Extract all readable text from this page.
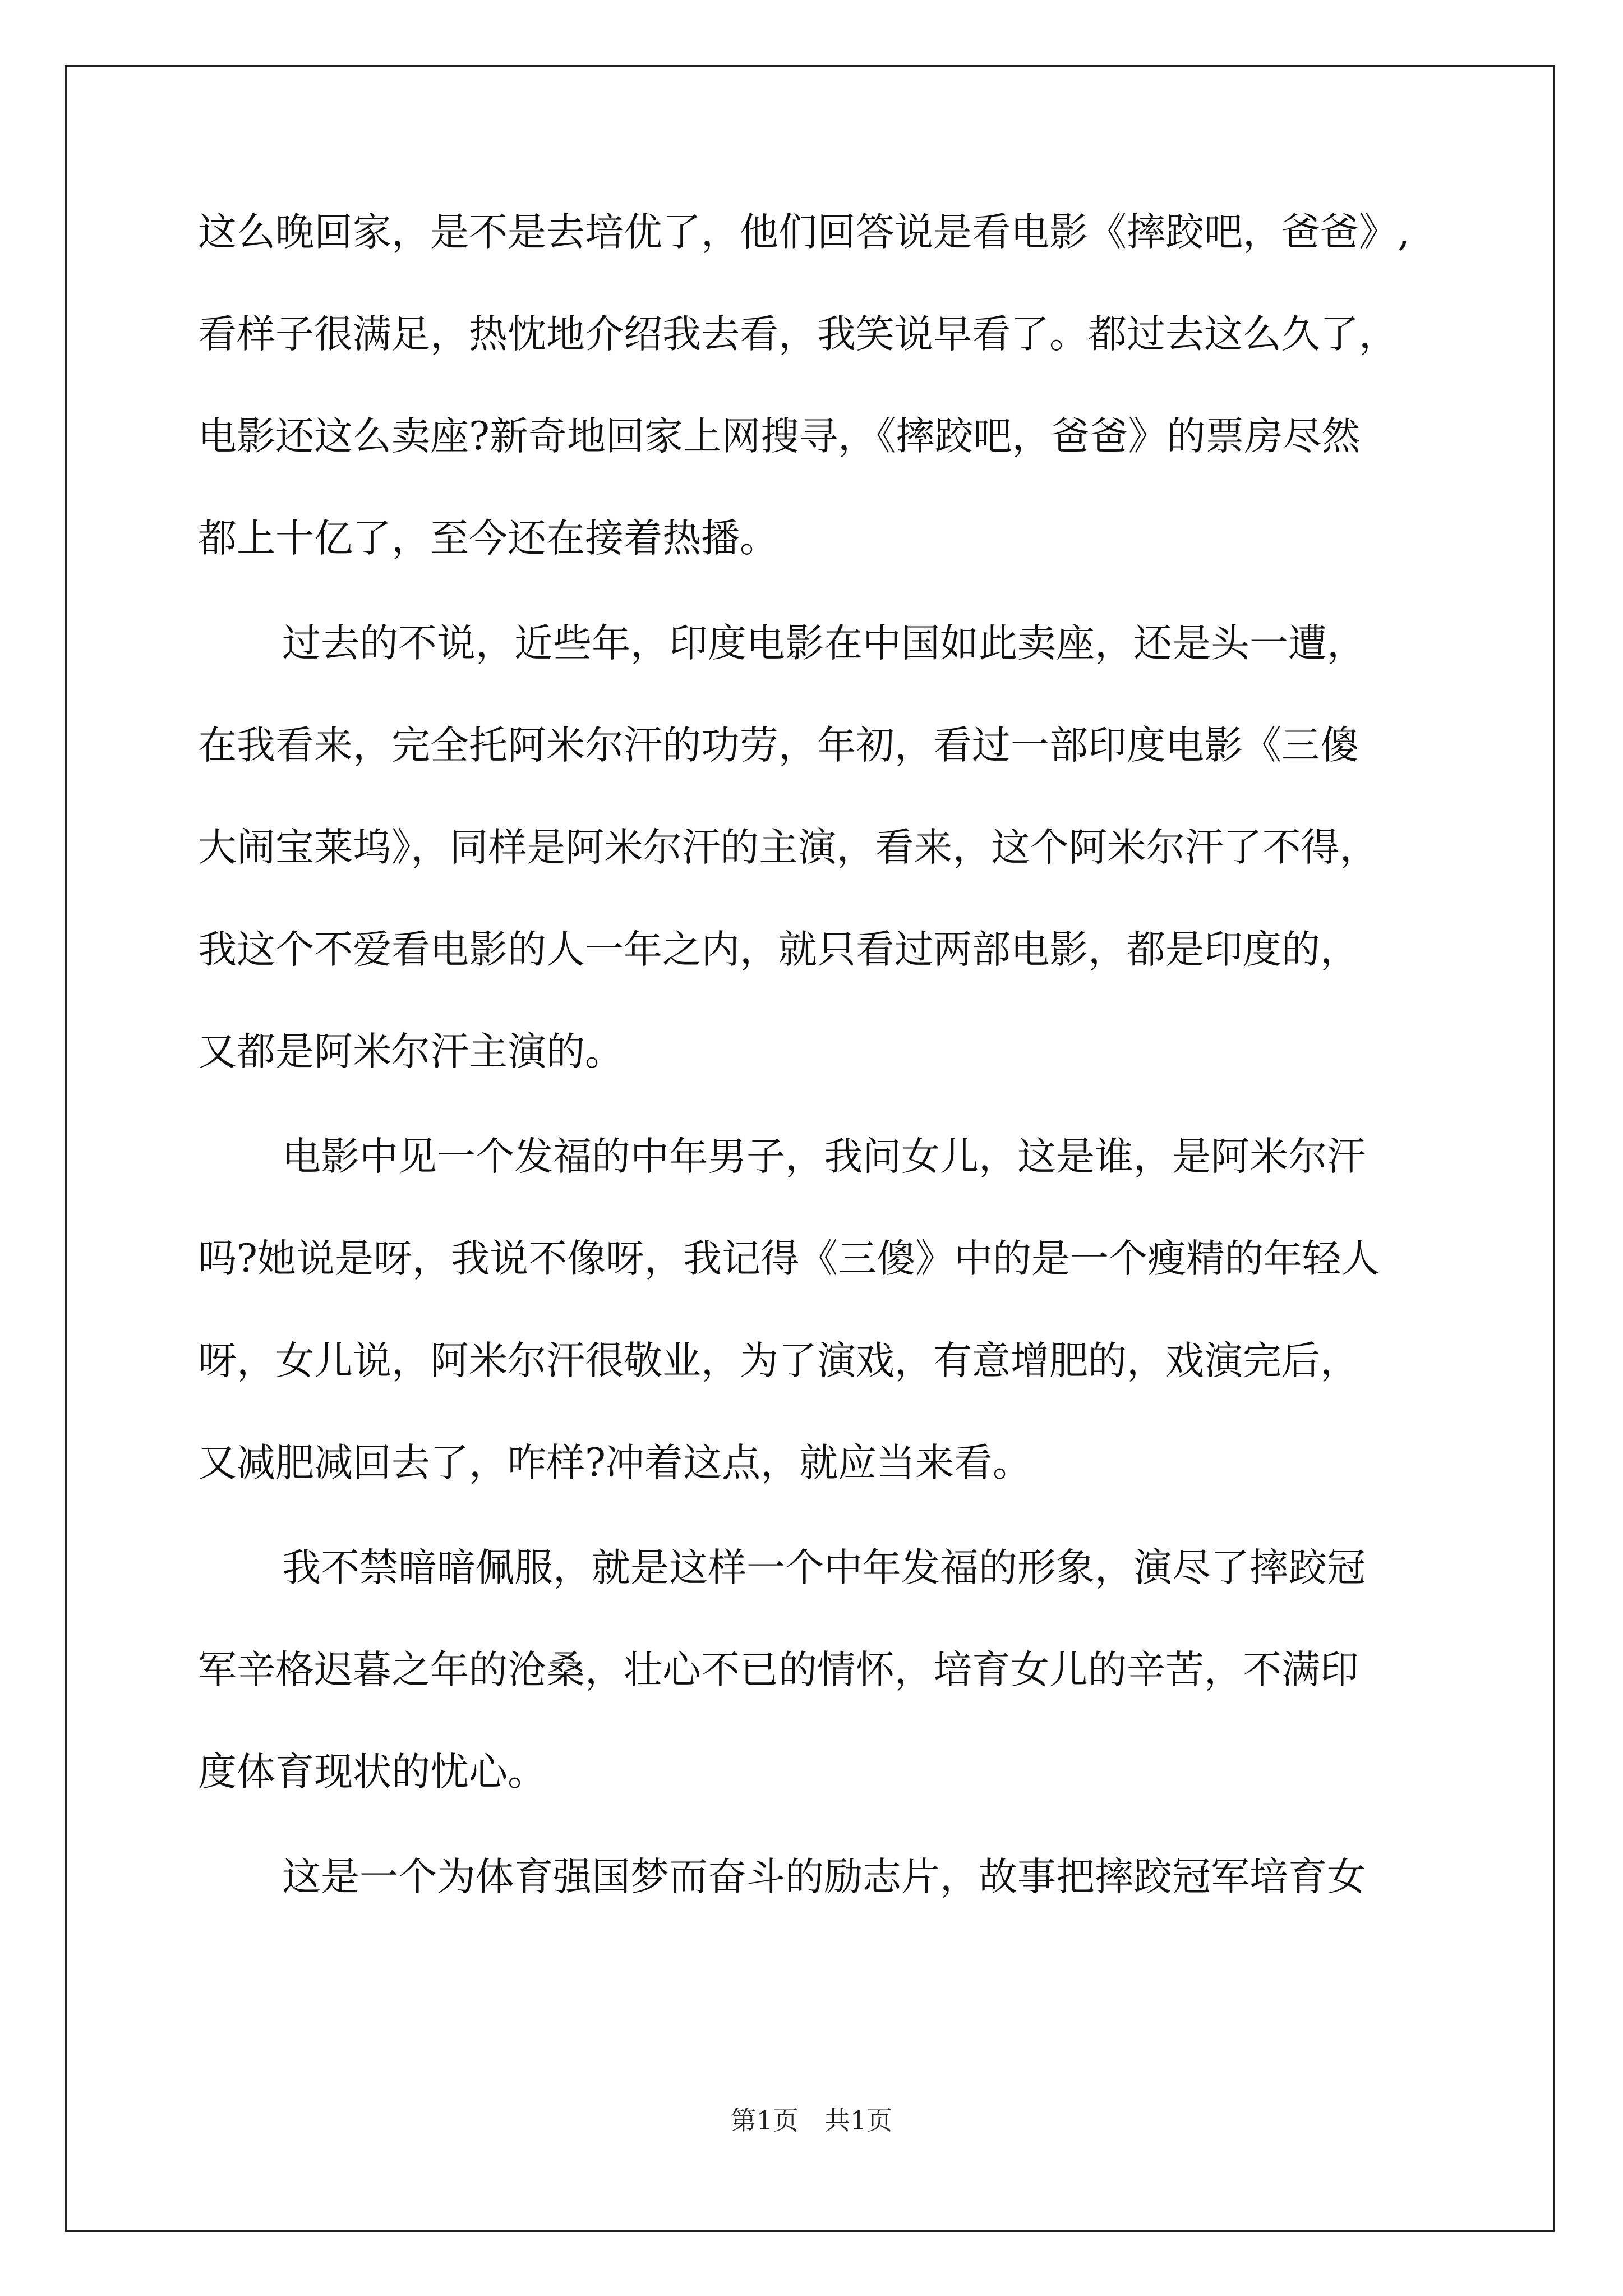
这么晚回家，是不是去培优了，他们回答说是看电影《摔跤吧，爸爸》,
看样子很满足，热忱地介绍我去看，我笑说早看了。都过去这么久了，
电影还这么卖座?新奇地回家上网搜寻，《摔跤吧，爸爸》的票房尽然
都上十亿了，至今还在接着热播。
过去的不说，近些年，印度电影在中国如此卖座，还是头一遭，
在我看来，完全托阿米尔汗的功劳，年初，看过一部印度电影《三傻
大闹宝莱坞》，同样是阿米尔汗的主演，看来，这个阿米尔汗了不得，
我这个不爱看电影的人一年之内，就只看过两部电影，都是印度的，
又都是阿米尔汗主演的。
电影中见一个发福的中年男子，我问女儿，这是谁，是阿米尔汗
吗?她说是呀，我说不像呀，我记得《三傻》中的是一个瘦精的年轻人
呀，女儿说，阿米尔汗很敬业，为了演戏，有意增肥的，戏演完后，
又减肥减回去了，咋样?冲着这点，就应当来看。
我不禁暗暗佩服，就是这样一个中年发福的形象，演尽了摔跤冠
军辛格迟暮之年的沧桑，壮心不已的情怀，培育女儿的辛苦，不满印
度体育现状的忧心。
这是一个为体育强国梦而奋斗的励志片，故事把摔跤冠军培育女
第1页　共1页
